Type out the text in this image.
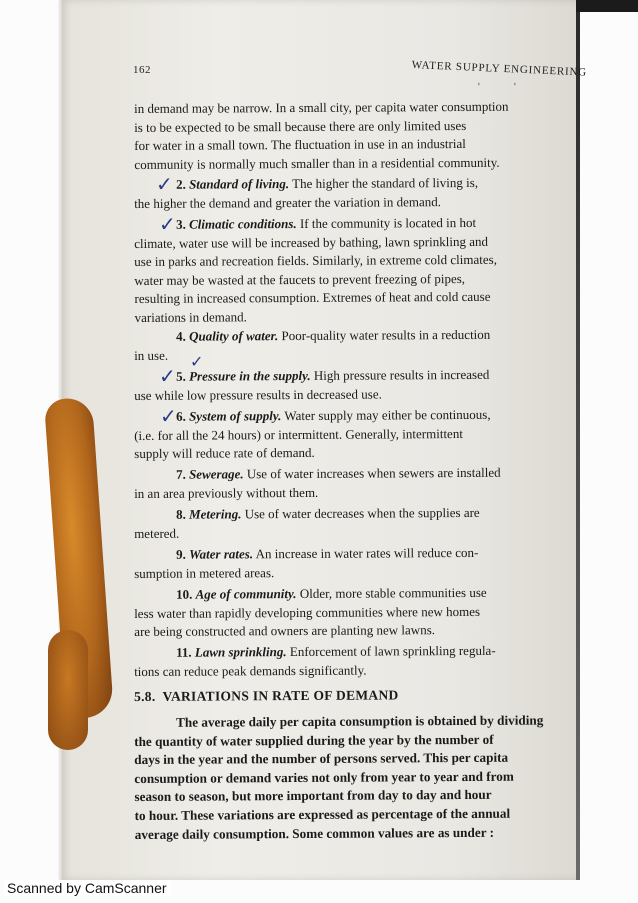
162	WATER SUPPLY ENGINEERING
in demand may be narrow. In a small city, per capita water consumption
is to be expected to be small because there are only limited uses
for water in a small town. The fluctuation in use in an industrial
community is normally much smaller than in a residential community.
2. Standard of living. The higher the standard of living is,
the higher the demand and greater the variation in demand.
3. Climatic conditions. If the community is located in hot
climate, water use will be increased by bathing, lawn sprinkling and
use in parks and recreation fields. Similarly, in extreme cold climates,
water may be wasted at the faucets to prevent freezing of pipes,
resulting in increased consumption. Extremes of heat and cold cause
variations in demand.
4. Quality of water. Poor-quality water results in a reduction
in use.
5. Pressure in the supply. High pressure results in increased
use while low pressure results in decreased use.
6. System of supply. Water supply may either be continuous,
(i.e. for all the 24 hours) or intermittent. Generally, intermittent
supply will reduce rate of demand.
7. Sewerage. Use of water increases when sewers are installed
in an area previously without them.
8. Metering. Use of water decreases when the supplies are
metered.
9. Water rates. An increase in water rates will reduce con-
sumption in metered areas.
10. Age of community. Older, more stable communities use
less water than rapidly developing communities where new homes
are being constructed and owners are planting new lawns.
11. Lawn sprinkling. Enforcement of lawn sprinkling regula-
tions can reduce peak demands significantly.
5.8. VARIATIONS IN RATE OF DEMAND
The average daily per capita consumption is obtained by dividing
the quantity of water supplied during the year by the number of
days in the year and the number of persons served. This per capita
consumption or demand varies not only from year to year and from
season to season, but more important from day to day and hour
to hour. These variations are expressed as percentage of the annual
average daily consumption. Some common values are as under :
✓
✓
✓
✓
✓
'	'
Scanned by CamScanner
